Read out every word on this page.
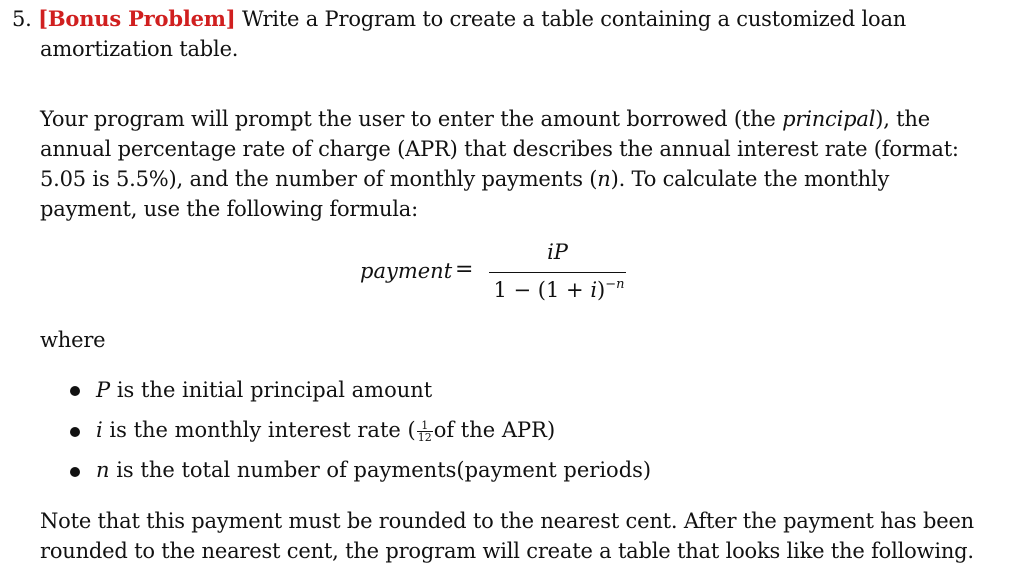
5. [Bonus Problem] Write a Program to create a table containing a customized loan
amortization table.
Your program will prompt the user to enter the amount borrowed (the principal), the
annual percentage rate of charge (APR) that describes the annual interest rate (format:
5.05 is 5.5%), and the number of monthly payments (n). To calculate the monthly
payment, use the following formula:
payment =
iP
$1 - (1 + i)^{-n}$
where
P is the initial principal amount
i is the monthly interest rate ( $\frac{1}{12}$ of the APR)
n is the total number of payments(payment periods)
Note that this payment must be rounded to the nearest cent. After the payment has been
rounded to the nearest cent, the program will create a table that looks like the following.
